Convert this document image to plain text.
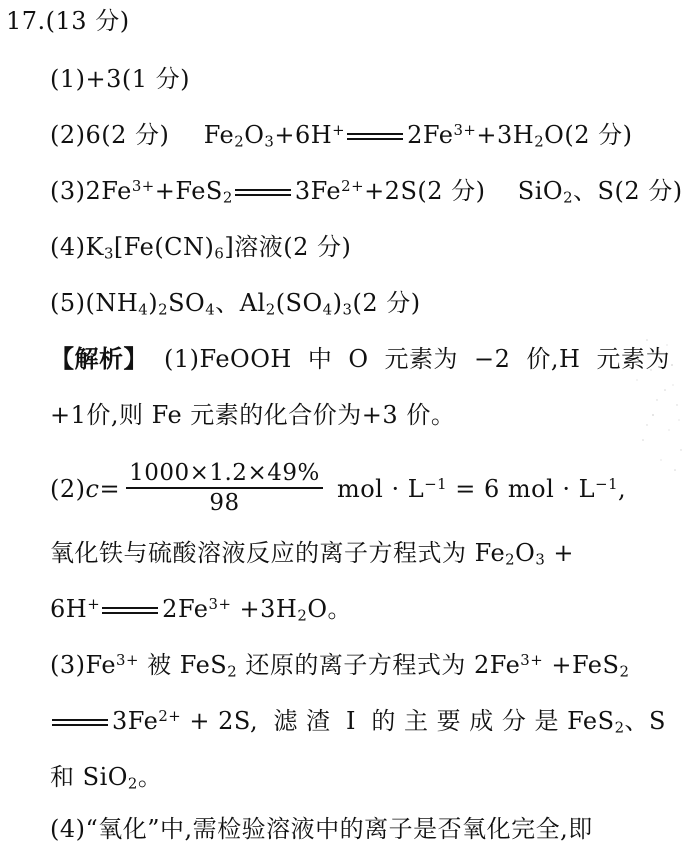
17.(13 分)
(1)+3(1 分)
(2)6(2 分) $Fe_2O_3+6H^+$	$2Fe^{3+}+3H_2O(2$ 分)
$(3)2Fe^{3+}+FeS_2$	$3Fe^{2+}+2S(2$ 分) SiO$_2$、S(2 分)
$(4)K_3[Fe(CN)_6]$溶液(2 分)
$(5)(NH_4)_2SO_4$、$Al_2(SO_4)_3(2$ 分)
【解析】 (1)FeOOH 中 O 元素为 −2 价,H 元素为
+1价,则 Fe 元素的化合价为+3 价。
$(2)c= \frac{1000\times 1.2\times 49\%}{98}$ mol · $L^{-1} = 6$ mol · $L^{-1}$,
氧化铁与硫酸溶液反应的离子方程式为 $Fe_2O_3$ +
6H+	$2Fe^{3+} +3H_2O$。
$(3)Fe^{3+}$ 被 FeS$_2$ 还原的离子方程式为 $2Fe^{3+} +FeS_2$
$3Fe^{2+} + 2S$, 滤 渣 Ⅰ 的 主 要 成 分 是 FeS$_2$、S
和 SiO$_2$。
(4)“氧化”中,需检验溶液中的离子是否氧化完全,即
